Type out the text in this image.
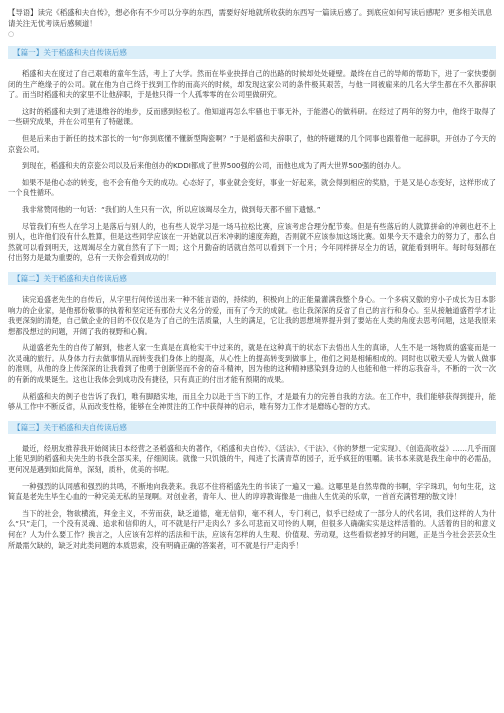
【导语】读完《稻盛和夫自传》，想必你有不少可以分享的东西，需要好好地就所收获的东西写一篇读后感了。到底应如何写读后感呢？更多相关讯息请关注无忧考读后感频道！
○
【篇一】关于稻盛和夫自传读后感

稻盛和夫在度过了自己艰难的童年生活，考上了大学。然而在毕业抉择自己的出路的时候却处处碰壁。最终在自己的导师的帮助下，进了一家快要倒闭的生产绝缘子的公司。就在他为自己终于找到工作的而高兴的时候，却发现这家公司的条件极其艰苦，与他一同被雇来的几名大学生都在不久都辞职了。而当时稻盛和夫的家里不让他辞职，于是他只得一个人孤零零的在公司里做研究。

这时的稻盛和夫到了进退维谷的地步，反而感到轻松了。他知道再怎么牢骚也于事无补，于能潜心的做科研。在经过了两年的努力中，他终于取得了一些研究成果，并在公司里有了特磁课。

但是后来由于新任的技术部长的一句“你到底懂不懂新型陶瓷啊？”于是稻盛和夫辞职了，他的特磁课的几个同事也跟着他一起辞职，开创办了今天的京瓷公司。

到现在，稻盛和夫的京瓷公司以及后来他创办的KDDI都成了世界500强的公司，而他也成为了两大世界500强的创办人。

如果不是他心态的转变，也不会有他今天的成功。心态好了，事业就会变好，事业一好起来，就会得到相应的奖励，于是又是心态变好，这样形成了一个良性循环。

我非常赞同他的一句话：“我们的人生只有一次，所以应该竭尽全力，做到每天都不留下遗憾。”

尽管我们有些人在学习上是落后与别人的，也有些人说学习是一场马拉松比赛，应该考虑合理分配节奏。但是有些落后的人就算拼命的冲刺也赶不上别人，也许他们没有什么胜算，但是这些同学应该在一开始就以百米冲刺的速度奔跑，否则就不应该参加这场比赛。如果今天不遗余力的努力了，那么自然就可以看到明天，这周竭尽全力就自然有了下一周；这个月勤奋的话就自然可以看到下一个月；今年同样拼尽全力的话，就能看到明年。每时每刻都在付出努力是最为重要的，总有一天你会看到成功的！

【篇二】关于稻盛和夫自传读后感

读完追盛老先生的自传后，从字里行间传送出来一种不能言语的，持续的，积极向上的正能量灌满我整个身心。一个多病又傲的穷小子成长为日本影响力的企业家，是他那份敬事的执着和坚定还有那份大义名分的爱，而有了今天的成就。也让我深深的反省了自己的言行和身心。至从接触道盛哲学才让我更深刻的清楚，自己做企业的目的不仅仅是为了自己的生活质量，人生的满足，它让我的思想境界提升到了要站在人类的角度去思考问题，这是我原来想都没想过的问题，开阔了我的视野和心胸。

从道盛老先生的自传了解到，他老人家一生真是在真枪实干中过来的，就是在这种真干的状态下去悟出人生的真谛，人生不是一场物质的盛宴而是一次灵魂的旅行。从身体力行去做事情从而转变我们身体上的提高，从心性上的提高转变到做事上，他们之间是相辅相成的。同时也以敬天爱人为做人做事的准则，从他的身上传深深的让我看到了他勇于创新坚而不舍的奋斗精神，因为他的这种精神感染到身边的人也能和他一样的忘我奋斗，不断的一次一次的有新的成果诞生。这也让我体会到成功没有捷径，只有真正的付出才能有预期的成果。

从稻盛和夫的例子也告诉了我们，唯有脚踏实地，而且全力以赴于当下的工作，才是最有力的完善自我的方法。在工作中，我们能够获得到提升，能够从工作中不断反省，从而改变性格，能够在全神贯注的工作中获得神的启示，唯有努力工作才是磨练心智的方式。

【篇三】关于稻盛和夫自传读后感

最近，经朋友推荐我开始阅读日本经营之圣稻盛和夫的著作，《稻盛和夫自传》、《活法》、《干法》、《你的梦想一定实现》、《创造高收益》……几乎而面上能见到的稻盛和夫先生的书我全部买来，仔细阅读。就像一只饥饿的牛，闯进了长满青草的园子，近乎疯狂的咀嚼。读书本来就是我生命中的必需品，更何况是遇到如此简单，深刻，质朴，优美的书呢。

一种强烈的认同感和强烈的共鸣，不断地向我袭来。我忍不住将稻盛先生的书读了一遍又一遍。这哪里是自然卑微的书啊，字字珠玑，句句生花，这简直是老先生毕生心血的一种完美无私的呈现啊。对创业者，青年人、世人的谆谆教诲像是一曲曲人生优美的乐章，一首首充满哲理的散文诗！

当下的社会，物欲横流，拜金主义，不劳而获，缺乏道德，毫无信仰，毫不利人，专门利己，似乎已经成了一部分人的代名词，我们这样的人为什么“只”走门，一个没有灵魂、追求和信仰的人，可不就是行尸走肉么？多么可悲而又可怜的人啊，但很多人确确实实是这样活着的。人活着的目的和意义何在？人为什么要工作？换言之，人应该有怎样的活法和干法，应该有怎样的人生观、价值观、劳动观，这些看似老掉牙的问题，正是当今社会芸芸众生所最需欠缺的，缺乏对此类问题的本质思索，没有明确正确的答案者，可不就是行尸走肉乎！
